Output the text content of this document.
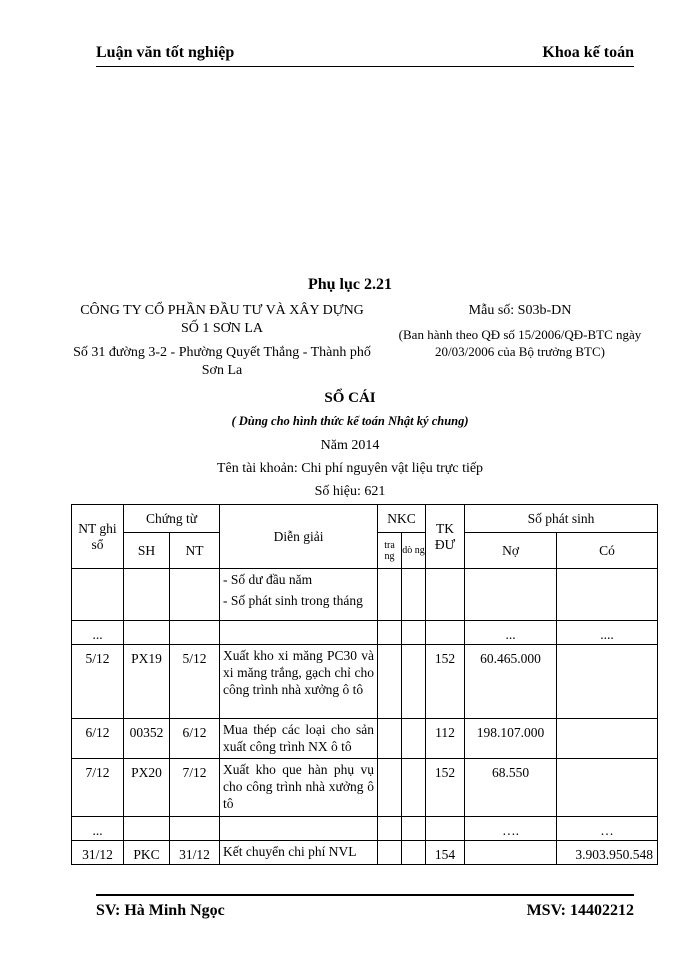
Luận văn tốt nghiệp	Khoa kế toán
Phụ lục 2.21
CÔNG TY CỔ PHẦN ĐẦU TƯ VÀ XÂY DỰNG SỐ 1 SƠN LA
Số 31 đường 3-2 - Phường Quyết Thắng - Thành phố Sơn La
Mẫu số: S03b-DN
(Ban hành theo QĐ số 15/2006/QĐ-BTC ngày 20/03/2006 của Bộ trưởng BTC)
SỔ CÁI
( Dùng cho hình thức kế toán Nhật ký chung)
Năm 2014
Tên tài khoản: Chi phí nguyên vật liệu trực tiếp
Số hiệu: 621
NT ghi sổ	Chứng từ		Diễn giải	NKC		TK ĐƯ	Số phát sinh	
	SH	NT		tra ng	dò ng		Nợ	Có

			- Số dư đầu năm
- Số phát sinh trong tháng					

...							...	....
5/12	PX19	5/12	Xuất kho xi măng PC30 và xi măng trắng, gạch chỉ cho công trình nhà xưởng ô tô			152	60.465.000	
6/12	00352	6/12	Mua thép các loại cho sản xuất công trình NX ô tô			112	198.107.000	
7/12	PX20	7/12	Xuất kho que hàn phụ vụ cho công trình nhà xưởng ô tô			152	68.550	
...							….	…
31/12	PKC	31/12	Kết chuyển chi phí NVL			154		3.903.950.548
SV: Hà Minh Ngọc	MSV: 14402212
